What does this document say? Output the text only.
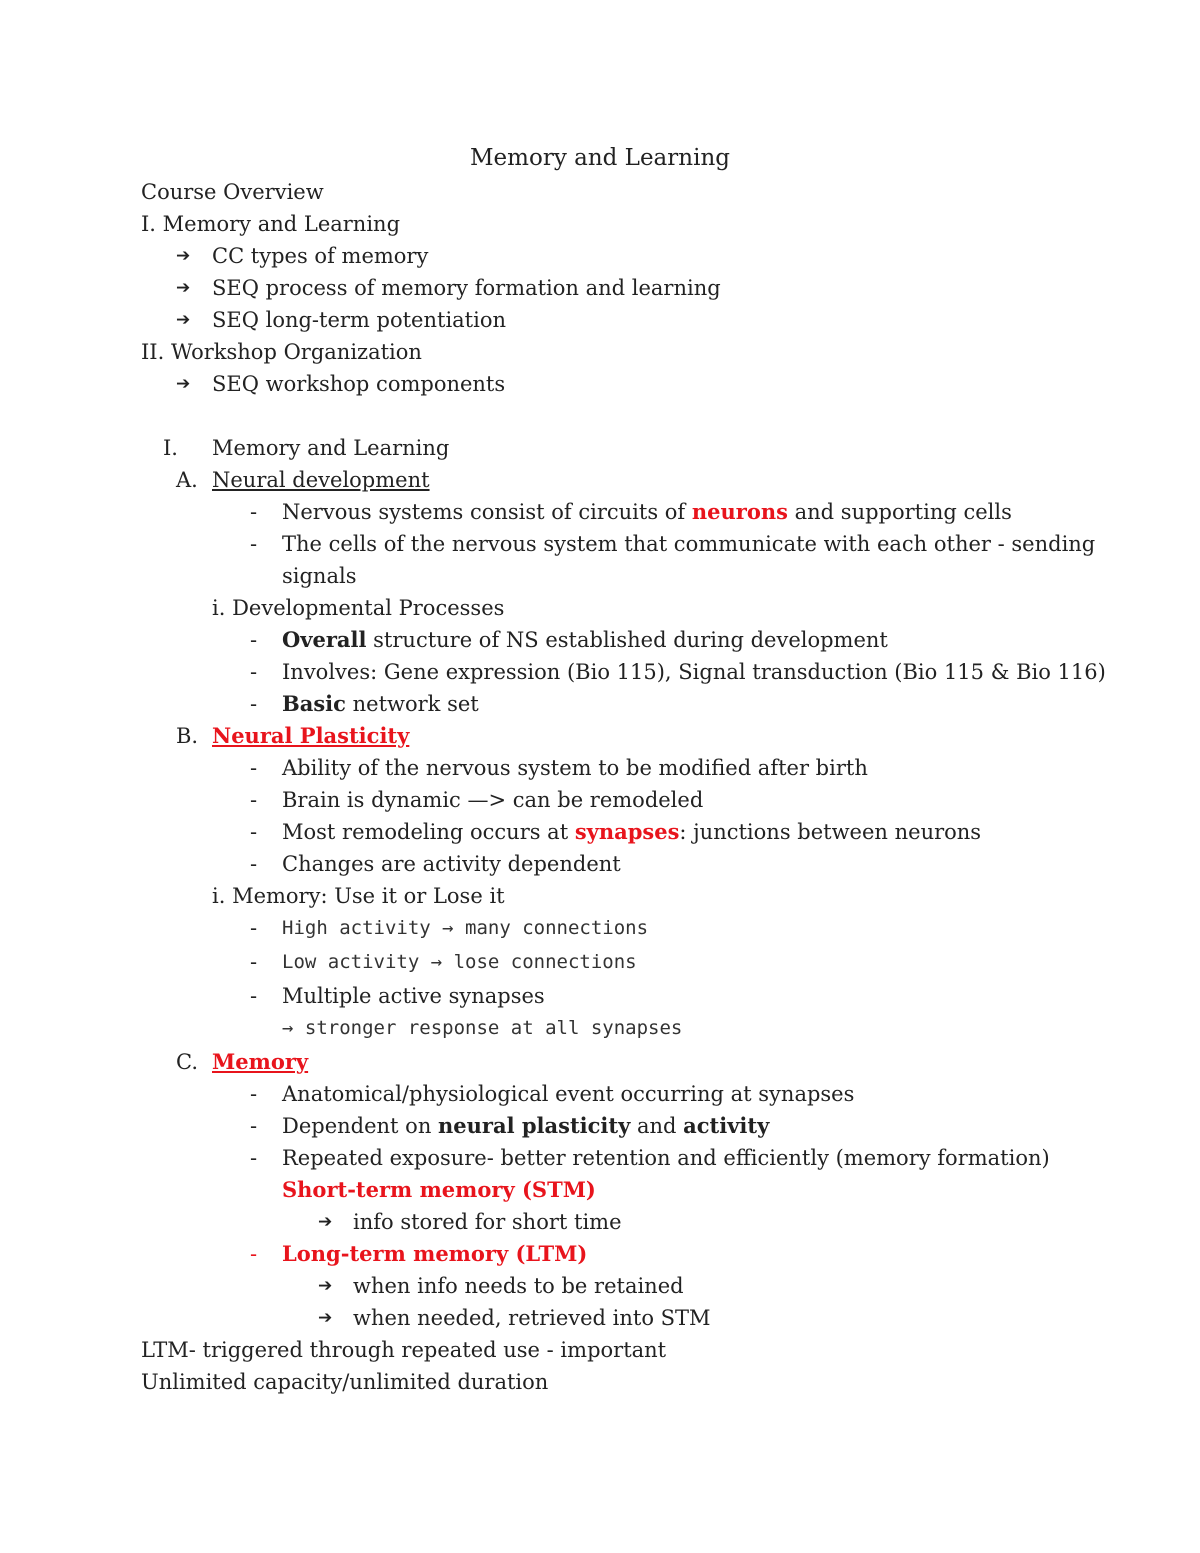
Memory and Learning
Course Overview
I. Memory and Learning
➔ CC types of memory
➔ SEQ process of memory formation and learning
➔ SEQ long-term potentiation
II. Workshop Organization
➔ SEQ workshop components
I. Memory and Learning
A. Neural development
- Nervous systems consist of circuits of neurons and supporting cells
- The cells of the nervous system that communicate with each other - sending
signals
i. Developmental Processes
- Overall structure of NS established during development
- Involves: Gene expression (Bio 115), Signal transduction (Bio 115 & Bio 116)
- Basic network set
B. Neural Plasticity
- Ability of the nervous system to be modified after birth
- Brain is dynamic —> can be remodeled
- Most remodeling occurs at synapses: junctions between neurons
- Changes are activity dependent
i. Memory: Use it or Lose it
- High activity → many connections
- Low activity → lose connections
- Multiple active synapses
→ stronger response at all synapses
C. Memory
- Anatomical/physiological event occurring at synapses
- Dependent on neural plasticity and activity
- Repeated exposure- better retention and efficiently (memory formation)
Short-term memory (STM)
➔ info stored for short time
- Long-term memory (LTM)
➔ when info needs to be retained
➔ when needed, retrieved into STM
LTM- triggered through repeated use - important
Unlimited capacity/unlimited duration
